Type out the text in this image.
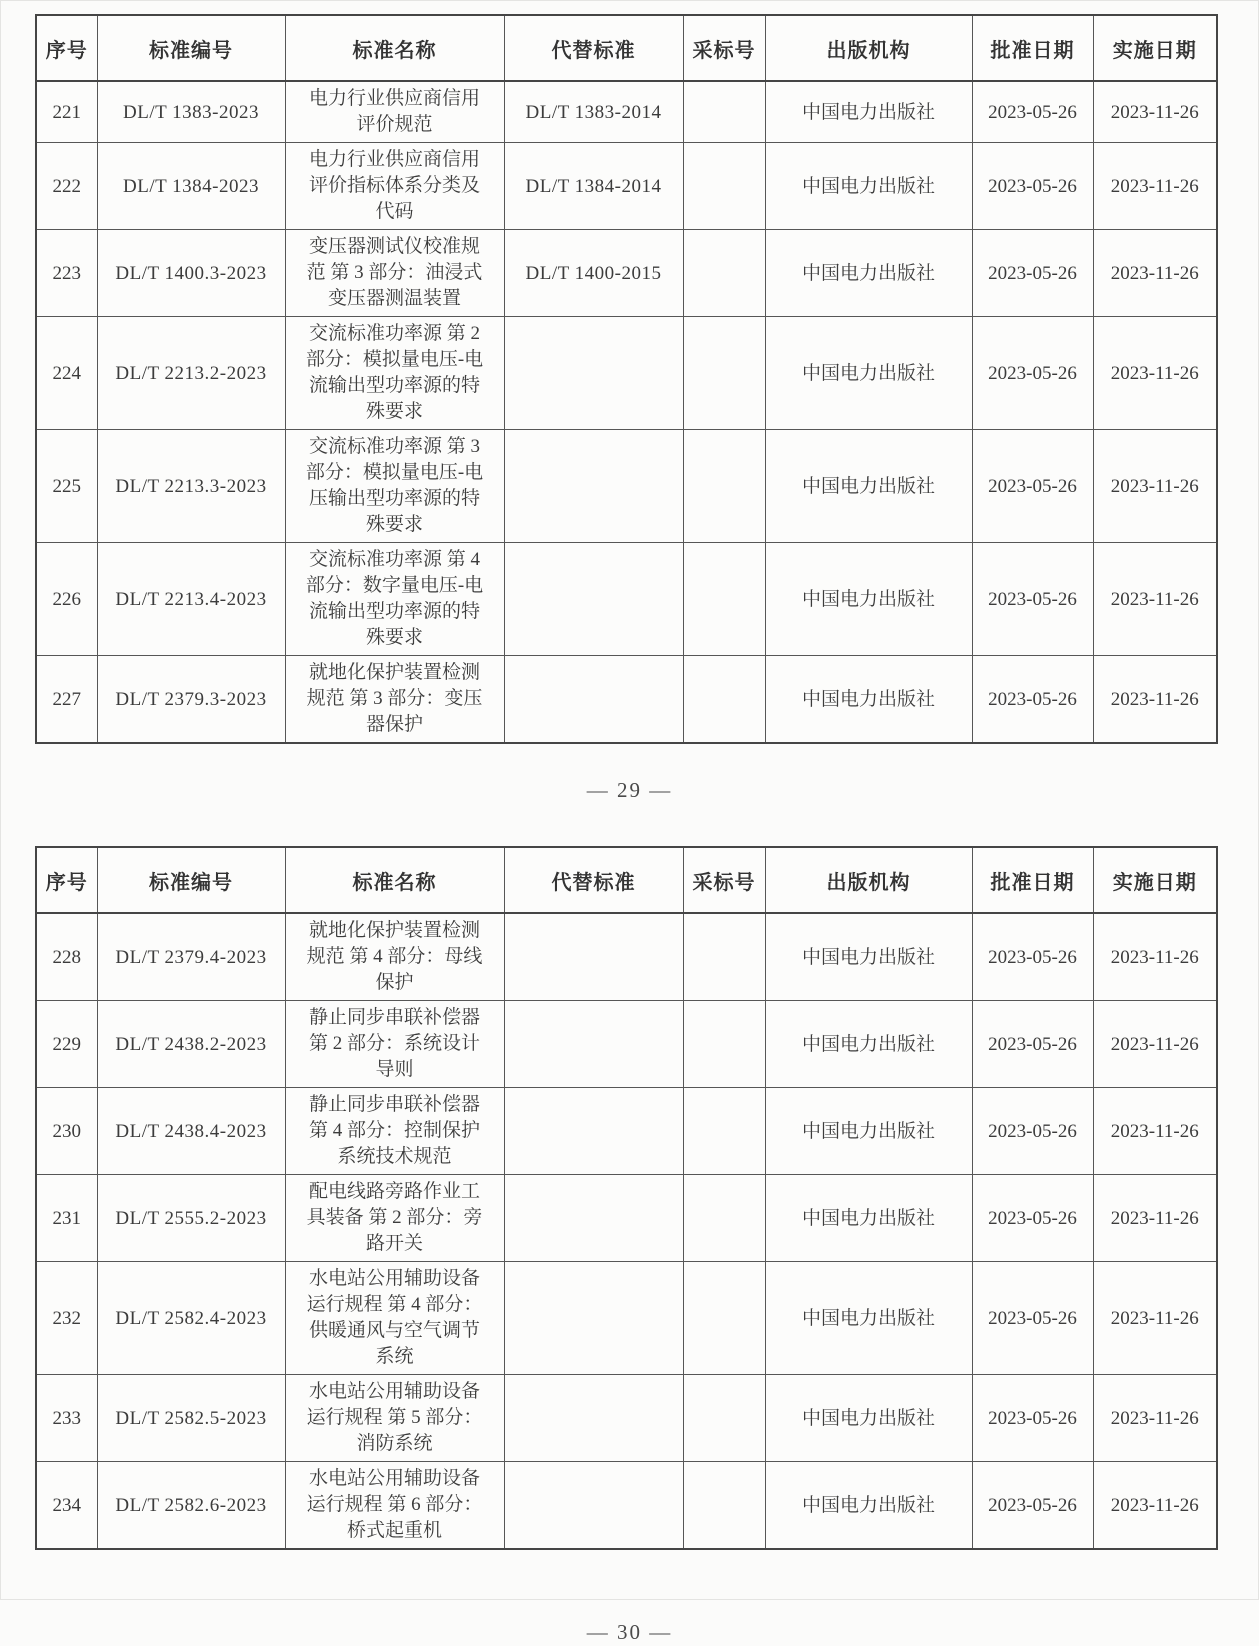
序号	标准编号	标准名称	代替标准	采标号	出版机构	批准日期	实施日期
221	DL/T 1383-2023	电力行业供应商信用评价规范	DL/T 1383-2014		中国电力出版社	2023-05-26	2023-11-26
222	DL/T 1384-2023	电力行业供应商信用评价指标体系分类及代码	DL/T 1384-2014		中国电力出版社	2023-05-26	2023-11-26
223	DL/T 1400.3-2023	变压器测试仪校准规范 第 3 部分：油浸式变压器测温装置	DL/T 1400-2015		中国电力出版社	2023-05-26	2023-11-26
224	DL/T 2213.2-2023	交流标准功率源 第 2 部分：模拟量电压-电流输出型功率源的特殊要求			中国电力出版社	2023-05-26	2023-11-26
225	DL/T 2213.3-2023	交流标准功率源 第 3 部分：模拟量电压-电压输出型功率源的特殊要求			中国电力出版社	2023-05-26	2023-11-26
226	DL/T 2213.4-2023	交流标准功率源 第 4 部分：数字量电压-电流输出型功率源的特殊要求			中国电力出版社	2023-05-26	2023-11-26
227	DL/T 2379.3-2023	就地化保护装置检测规范 第 3 部分：变压器保护			中国电力出版社	2023-05-26	2023-11-26
— 29 —
序号	标准编号	标准名称	代替标准	采标号	出版机构	批准日期	实施日期
228	DL/T 2379.4-2023	就地化保护装置检测规范 第 4 部分：母线保护			中国电力出版社	2023-05-26	2023-11-26
229	DL/T 2438.2-2023	静止同步串联补偿器 第 2 部分：系统设计导则			中国电力出版社	2023-05-26	2023-11-26
230	DL/T 2438.4-2023	静止同步串联补偿器 第 4 部分：控制保护系统技术规范			中国电力出版社	2023-05-26	2023-11-26
231	DL/T 2555.2-2023	配电线路旁路作业工具装备 第 2 部分：旁路开关			中国电力出版社	2023-05-26	2023-11-26
232	DL/T 2582.4-2023	水电站公用辅助设备运行规程 第 4 部分：供暖通风与空气调节系统			中国电力出版社	2023-05-26	2023-11-26
233	DL/T 2582.5-2023	水电站公用辅助设备运行规程 第 5 部分：消防系统			中国电力出版社	2023-05-26	2023-11-26
234	DL/T 2582.6-2023	水电站公用辅助设备运行规程 第 6 部分：桥式起重机			中国电力出版社	2023-05-26	2023-11-26
— 30 —
